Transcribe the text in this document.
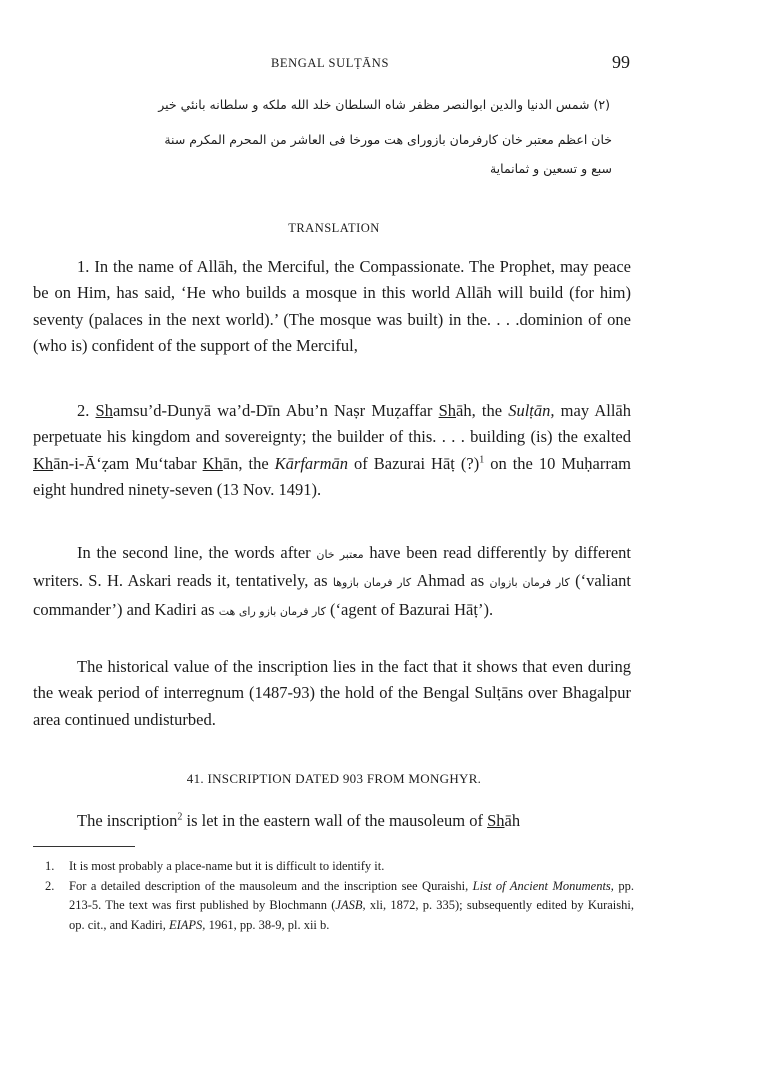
BENGAL SULṬĀNS	99
(٢) شمس الدنيا والدين ابوالنصر مظفر شاه السلطان خلد الله ملكه و سلطانه بانئي خير
خان اعظم معتبر خان كارفرمان بازوراى هت مورخا فى العاشر من المحرم المكرم سنة
سبع و تسعين و ثمانماية
TRANSLATION
1. In the name of Allāh, the Merciful, the Compassionate. The Prophet, may peace be on Him, has said, ‘He who builds a mosque in this world Allāh will build (for him) seventy (palaces in the next world).’ (The mosque was built) in the. . . .dominion of one (who is) confident of the support of the Merciful,
2. Shamsu’d-Dunyā wa’d-Dīn Abu’n Naṣr Muẓaffar Shāh, the Sulṭān, may Allāh perpetuate his kingdom and sovereignty; the builder of this. . . . building (is) the exalted Khān-i-Ā‘ẓam Mu‘tabar Khān, the Kārfarmān of Bazurai Hāṭ (?)$^1$ on the 10 Muḥarram eight hundred ninety-seven (13 Nov. 1491).
In the second line, the words after معتبر خان have been read differently by different writers. S. H. Askari reads it, tentatively, as كار فرمان بازوها Ahmad as كار فرمان بازوان (‘valiant commander’) and Kadiri as كار فرمان بازو راى هت (‘agent of Bazurai Hāṭ’).
The historical value of the inscription lies in the fact that it shows that even during the weak period of interregnum (1487-93) the hold of the Bengal Sulṭāns over Bhagalpur area continued undisturbed.
41. INSCRIPTION DATED 903 FROM MONGHYR.
The inscription$^2$ is let in the eastern wall of the mausoleum of Shāh
1. It is most probably a place-name but it is difficult to identify it.
2. For a detailed description of the mausoleum and the inscription see Quraishi, List of Ancient Monuments, pp. 213-5. The text was first published by Blochmann (JASB, xli, 1872, p. 335); subsequently edited by Kuraishi, op. cit., and Kadiri, EIAPS, 1961, pp. 38-9, pl. xii b.
